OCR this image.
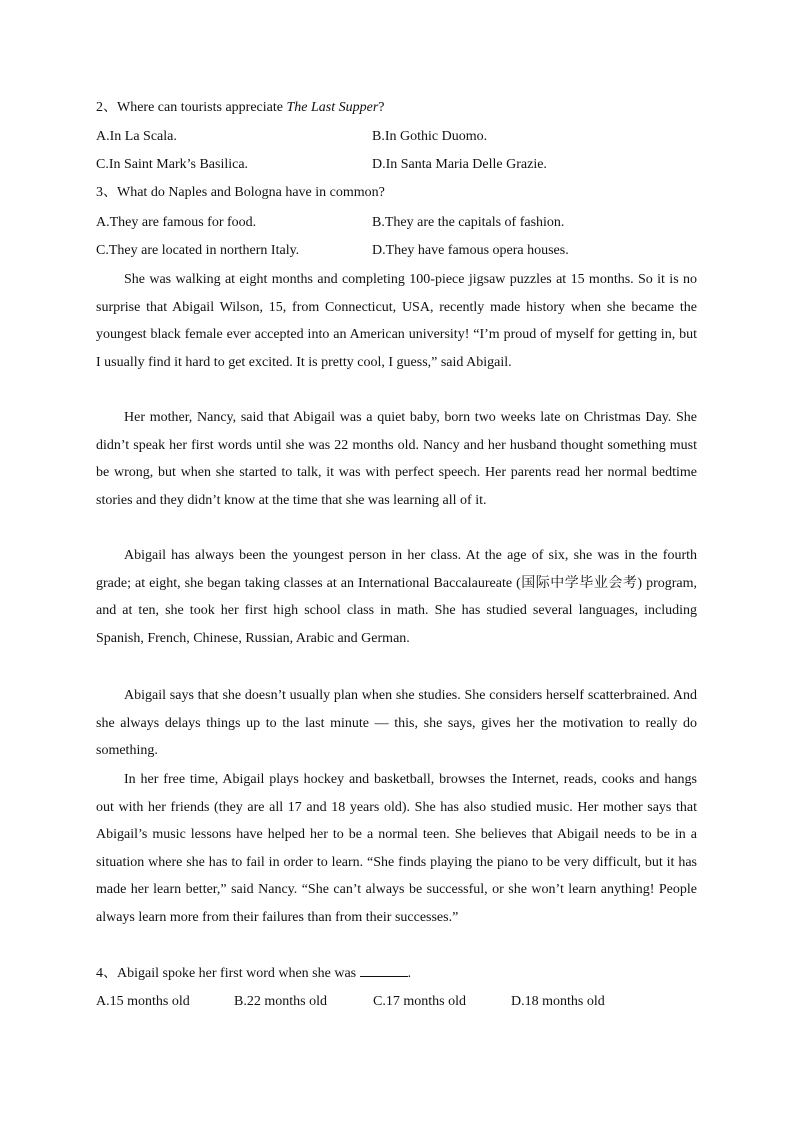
2、Where can tourists appreciate The Last Supper?
A.In La Scala.	B.In Gothic Duomo.
C.In Saint Mark’s Basilica.	D.In Santa Maria Delle Grazie.
3、What do Naples and Bologna have in common?
A.They are famous for food.	B.They are the capitals of fashion.
C.They are located in northern Italy.	D.They have famous opera houses.

She was walking at eight months and completing 100-piece jigsaw puzzles at 15 months. So it is no surprise that Abigail Wilson, 15, from Connecticut, USA, recently made history when she became the youngest black female ever accepted into an American university! “I’m proud of myself for getting in, but I usually find it hard to get excited. It is pretty cool, I guess,” said Abigail.

Her mother, Nancy, said that Abigail was a quiet baby, born two weeks late on Christmas Day. She didn’t speak her first words until she was 22 months old. Nancy and her husband thought something must be wrong, but when she started to talk, it was with perfect speech. Her parents read her normal bedtime stories and they didn’t know at the time that she was learning all of it.

Abigail has always been the youngest person in her class. At the age of six, she was in the fourth grade; at eight, she began taking classes at an International Baccalaureate (国际中学毕业会考) program, and at ten, she took her first high school class in math. She has studied several languages, including Spanish, French, Chinese, Russian, Arabic and German.

Abigail says that she doesn’t usually plan when she studies. She considers herself scatterbrained. And she always delays things up to the last minute — this, she says, gives her the motivation to really do something.

In her free time, Abigail plays hockey and basketball, browses the Internet, reads, cooks and hangs out with her friends (they are all 17 and 18 years old). She has also studied music. Her mother says that Abigail’s music lessons have helped her to be a normal teen. She believes that Abigail needs to be in a situation where she has to fail in order to learn. “She finds playing the piano to be very difficult, but it has made her learn better,” said Nancy. “She can’t always be successful, or she won’t learn anything! People always learn more from their failures than from their successes.”

4、Abigail spoke her first word when she was	.
A.15 months old	B.22 months old	C.17 months old	D.18 months old
